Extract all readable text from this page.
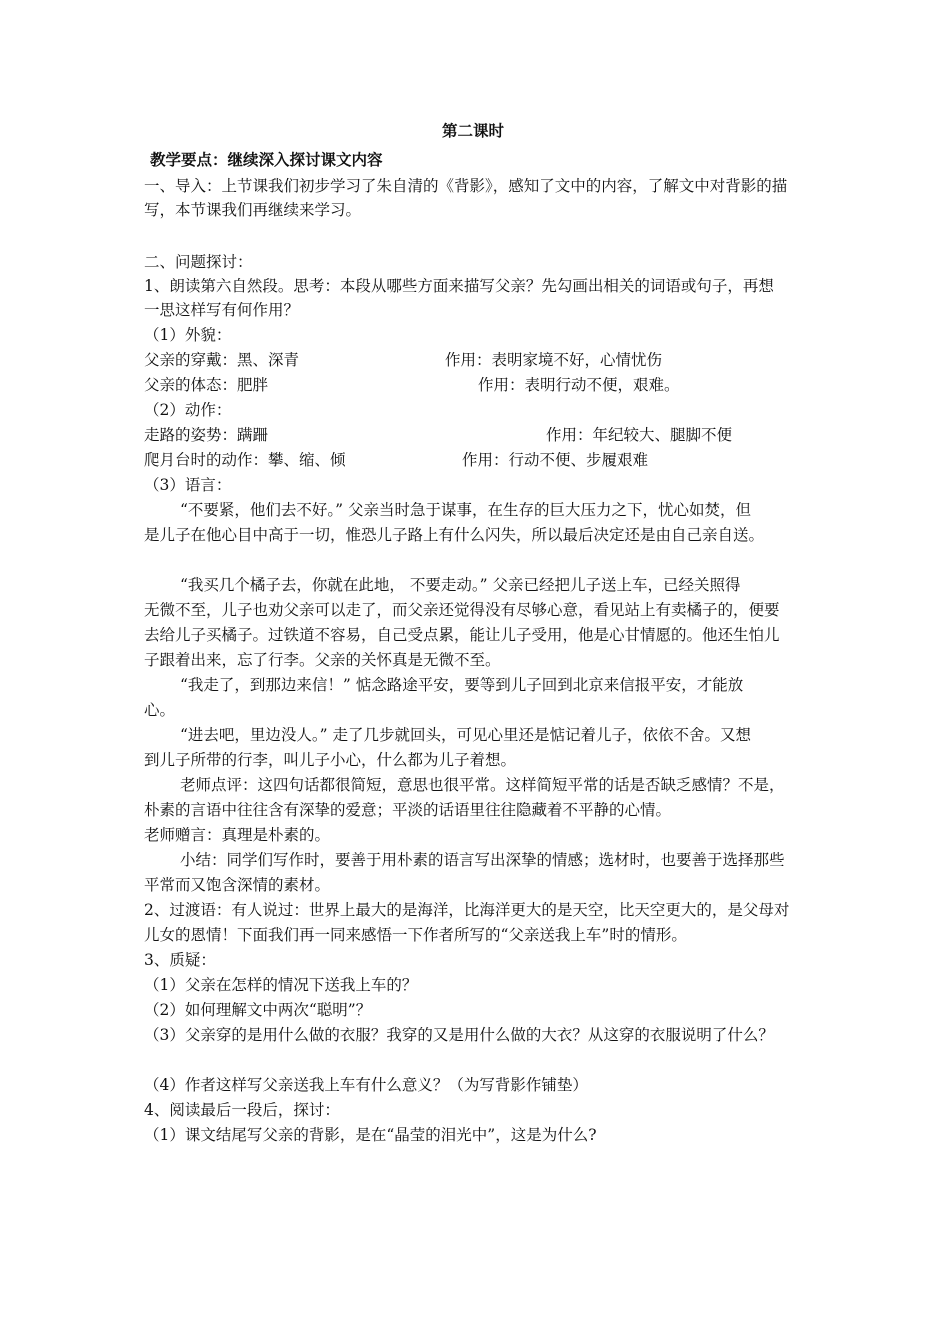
第二课时
教学要点：继续深入探讨课文内容
一、导入：上节课我们初步学习了朱自清的《背影》，感知了文中的内容，了解文中对背影的描
写，本节课我们再继续来学习。
二、问题探讨：
1、朗读第六自然段。思考：本段从哪些方面来描写父亲？先勾画出相关的词语或句子，再想
一思这样写有何作用？
（1）外貌：
父亲的穿戴：黑、深青	作用：表明家境不好，心情忧伤
父亲的体态：肥胖	作用：表明行动不便，艰难。
（2）动作：
走路的姿势：蹒跚	作用：年纪较大、腿脚不便
爬月台时的动作：攀、缩、倾	作用：行动不便、步履艰难
（3）语言：
“不要紧，他们去不好。” 父亲当时急于谋事，在生存的巨大压力之下，忧心如焚，但
是儿子在他心目中高于一切，惟恐儿子路上有什么闪失，所以最后决定还是由自己亲自送。
“我买几个橘子去，你就在此地， 不要走动。” 父亲已经把儿子送上车，已经关照得
无微不至，儿子也劝父亲可以走了，而父亲还觉得没有尽够心意，看见站上有卖橘子的，便要
去给儿子买橘子。过铁道不容易，自己受点累，能让儿子受用，他是心甘情愿的。他还生怕儿
子跟着出来，忘了行李。父亲的关怀真是无微不至。
“我走了，到那边来信！” 惦念路途平安，要等到儿子回到北京来信报平安，才能放
心。
“进去吧，里边没人。” 走了几步就回头，可见心里还是惦记着儿子，依依不舍。又想
到儿子所带的行李，叫儿子小心，什么都为儿子着想。
老师点评：这四句话都很简短，意思也很平常。这样简短平常的话是否缺乏感情？不是，
朴素的言语中往往含有深挚的爱意；平淡的话语里往往隐藏着不平静的心情。
老师赠言：真理是朴素的。
小结：同学们写作时，要善于用朴素的语言写出深挚的情感；选材时，也要善于选择那些
平常而又饱含深情的素材。
2、过渡语：有人说过：世界上最大的是海洋，比海洋更大的是天空，比天空更大的，是父母对
儿女的恩情！下面我们再一同来感悟一下作者所写的“父亲送我上车”时的情形。
3、质疑：
（1）父亲在怎样的情况下送我上车的？
（2）如何理解文中两次“聪明”？
（3）父亲穿的是用什么做的衣服？我穿的又是用什么做的大衣？从这穿的衣服说明了什么？
（4）作者这样写父亲送我上车有什么意义？（为写背影作铺垫）
4、阅读最后一段后，探讨：
（1）课文结尾写父亲的背影，是在“晶莹的泪光中”，这是为什么?
